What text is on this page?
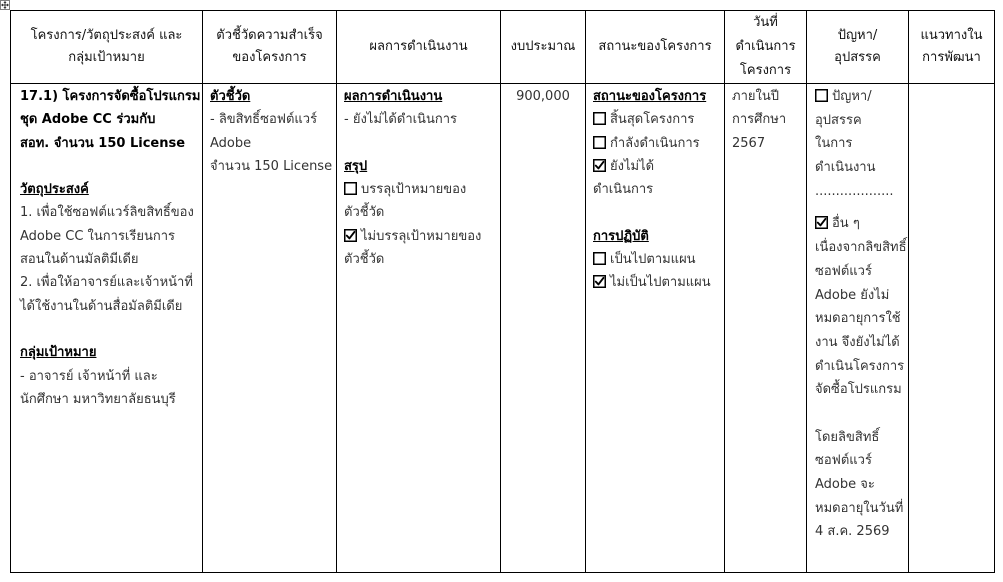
โครงการ/วัตถุประสงค์ และ
กลุ่มเป้าหมาย
ตัวชี้วัดความสำเร็จ
ของโครงการ
ผลการดำเนินงาน	งบประมาณ สถานะของโครงการ
วันที่
ดำเนินการ
โครงการ
ปัญหา/
อุปสรรค
แนวทางใน
การพัฒนา
17.1) โครงการจัดซื้อโปรแกรม
ชุด Adobe CC ร่วมกับ
สอท. จำนวน 150 License
วัตถุประสงค์
1. เพื่อใช้ซอฟต์แวร์ลิขสิทธิ์ของ
Adobe CC ในการเรียนการ
สอนในด้านมัลติมีเดีย
2. เพื่อให้อาจารย์และเจ้าหน้าที่
ได้ใช้งานในด้านสื่อมัลติมีเดีย
กลุ่มเป้าหมาย
- อาจารย์ เจ้าหน้าที่ และ
นักศึกษา มหาวิทยาลัยธนบุรี
ตัวชี้วัด
- ลิขสิทธิ์ซอฟต์แวร์
Adobe
จำนวน 150 License
ผลการดำเนินงาน
- ยังไม่ได้ดำเนินการ
สรุป
บรรลุเป้าหมายของ
ตัวชี้วัด
ไม่บรรลุเป้าหมายของ
ตัวชี้วัด
900,000	สถานะของโครงการ
สิ้นสุดโครงการ
กำลังดำเนินการ
ยังไม่ได้
ดำเนินการ
การปฏิบัติ
เป็นไปตามแผน
ไม่เป็นไปตามแผน
ภายในปี
การศึกษา
2567
ปัญหา/
อุปสรรค
ในการ
ดำเนินงาน
...................
อื่น ๆ
เนื่องจากลิขสิทธิ์
ซอฟต์แวร์
Adobe ยังไม่
หมดอายุการใช้
งาน จึงยังไม่ได้
ดำเนินโครงการ
จัดซื้อโปรแกรม
โดยลิขสิทธิ์
ซอฟต์แวร์
Adobe จะ
หมดอายุในวันที่
4 ส.ค. 2569
